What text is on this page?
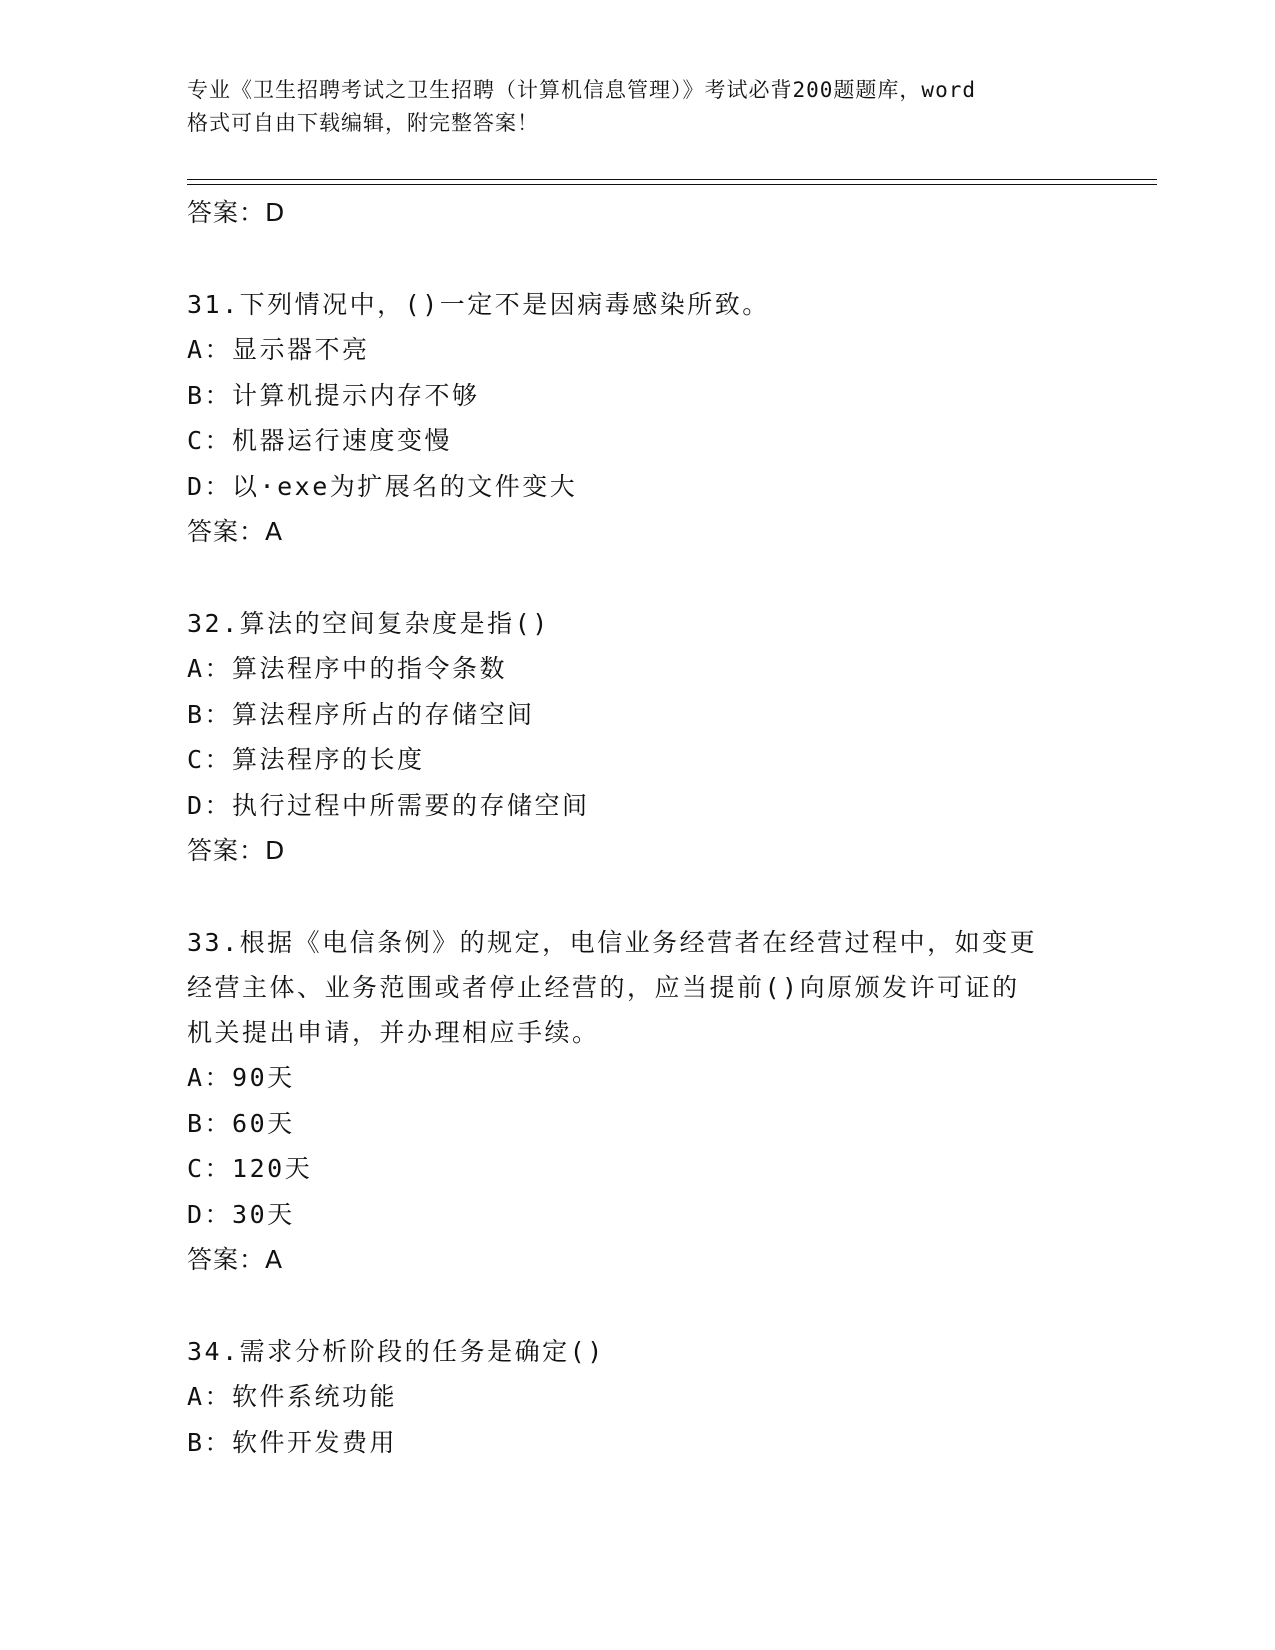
专业《卫生招聘考试之卫生招聘（计算机信息管理）》考试必背200题题库，word
格式可自由下载编辑，附完整答案！
答案：D
31.下列情况中，()一定不是因病毒感染所致。
A：显示器不亮
B：计算机提示内存不够
C：机器运行速度变慢
D：以·exe为扩展名的文件变大
答案：A
32.算法的空间复杂度是指()
A：算法程序中的指令条数
B：算法程序所占的存储空间
C：算法程序的长度
D：执行过程中所需要的存储空间
答案：D
33.根据《电信条例》的规定，电信业务经营者在经营过程中，如变更
经营主体、业务范围或者停止经营的，应当提前()向原颁发许可证的
机关提出申请，并办理相应手续。
A：90天
B：60天
C：120天
D：30天
答案：A
34.需求分析阶段的任务是确定()
A：软件系统功能
B：软件开发费用
